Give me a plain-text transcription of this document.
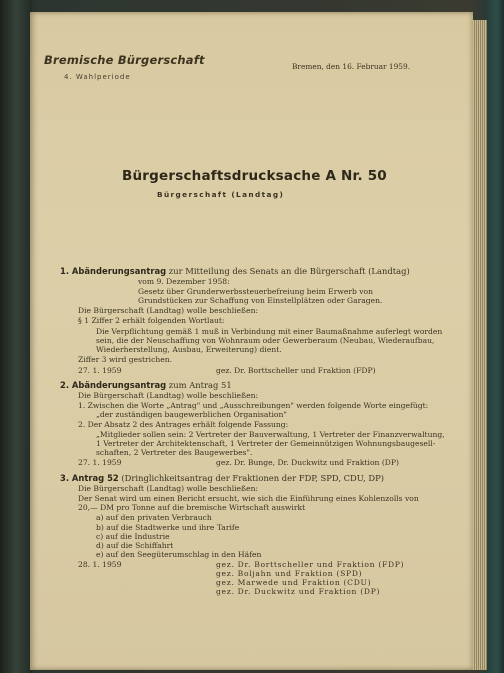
Bremische Bürgerschaft
4. Wahlperiode
Bremen, den 16. Februar 1959.
Bürgerschaftsdrucksache A Nr. 50
Bürgerschaft (Landtag)
1. Abänderungsantrag zur Mitteilung des Senats an die Bürgerschaft (Landtag)
vom 9. Dezember 1958:
Gesetz über Grunderwerbssteuerbefreiung beim Erwerb von
Grundstücken zur Schaffung von Einstellplätzen oder Garagen.
Die Bürgerschaft (Landtag) wolle beschließen:
§ 1 Ziffer 2 erhält folgenden Wortlaut:
Die Verpflichtung gemäß 1 muß in Verbindung mit einer Baumaßnahme auferlegt worden
sein, die der Neuschaffung von Wohnraum oder Gewerberaum (Neubau, Wiederaufbau,
Wiederherstellung, Ausbau, Erweiterung) dient.
Ziffer 3 wird gestrichen.
27. 1. 1959	gez. Dr. Borttscheller und Fraktion (FDP)
2. Abänderungsantrag zum Antrag 51
Die Bürgerschaft (Landtag) wolle beschließen:
1. Zwischen die Worte „Antrag" und „Ausschreibungen" werden folgende Worte eingefügt:
„der zuständigen baugewerblichen Organisation"
2. Der Absatz 2 des Antrages erhält folgende Fassung:
„Mitglieder sollen sein: 2 Vertreter der Bauverwaltung, 1 Vertreter der Finanzverwaltung,
1 Vertreter der Architektenschaft, 1 Vertreter der Gemeinnützigen Wohnungsbaugesell-
schaften, 2 Vertreter des Baugewerbes".
27. 1. 1959	gez. Dr. Bunge, Dr. Duckwitz und Fraktion (DP)
3. Antrag 52 (Dringlichkeitsantrag der Fraktionen der FDP, SPD, CDU, DP)
Die Bürgerschaft (Landtag) wolle beschließen:
Der Senat wird um einen Bericht ersucht, wie sich die Einführung eines Kohlenzolls von
20,— DM pro Tonne auf die bremische Wirtschaft auswirkt
a) auf den privaten Verbrauch
b) auf die Stadtwerke und ihre Tarife
c) auf die Industrie
d) auf die Schiffahrt
e) auf den Seegüterumschlag in den Häfen
28. 1. 1959	gez. Dr. Borttscheller und Fraktion (FDP)
gez. Boljahn und Fraktion (SPD)
gez. Marwede und Fraktion (CDU)
gez. Dr. Duckwitz und Fraktion (DP)
